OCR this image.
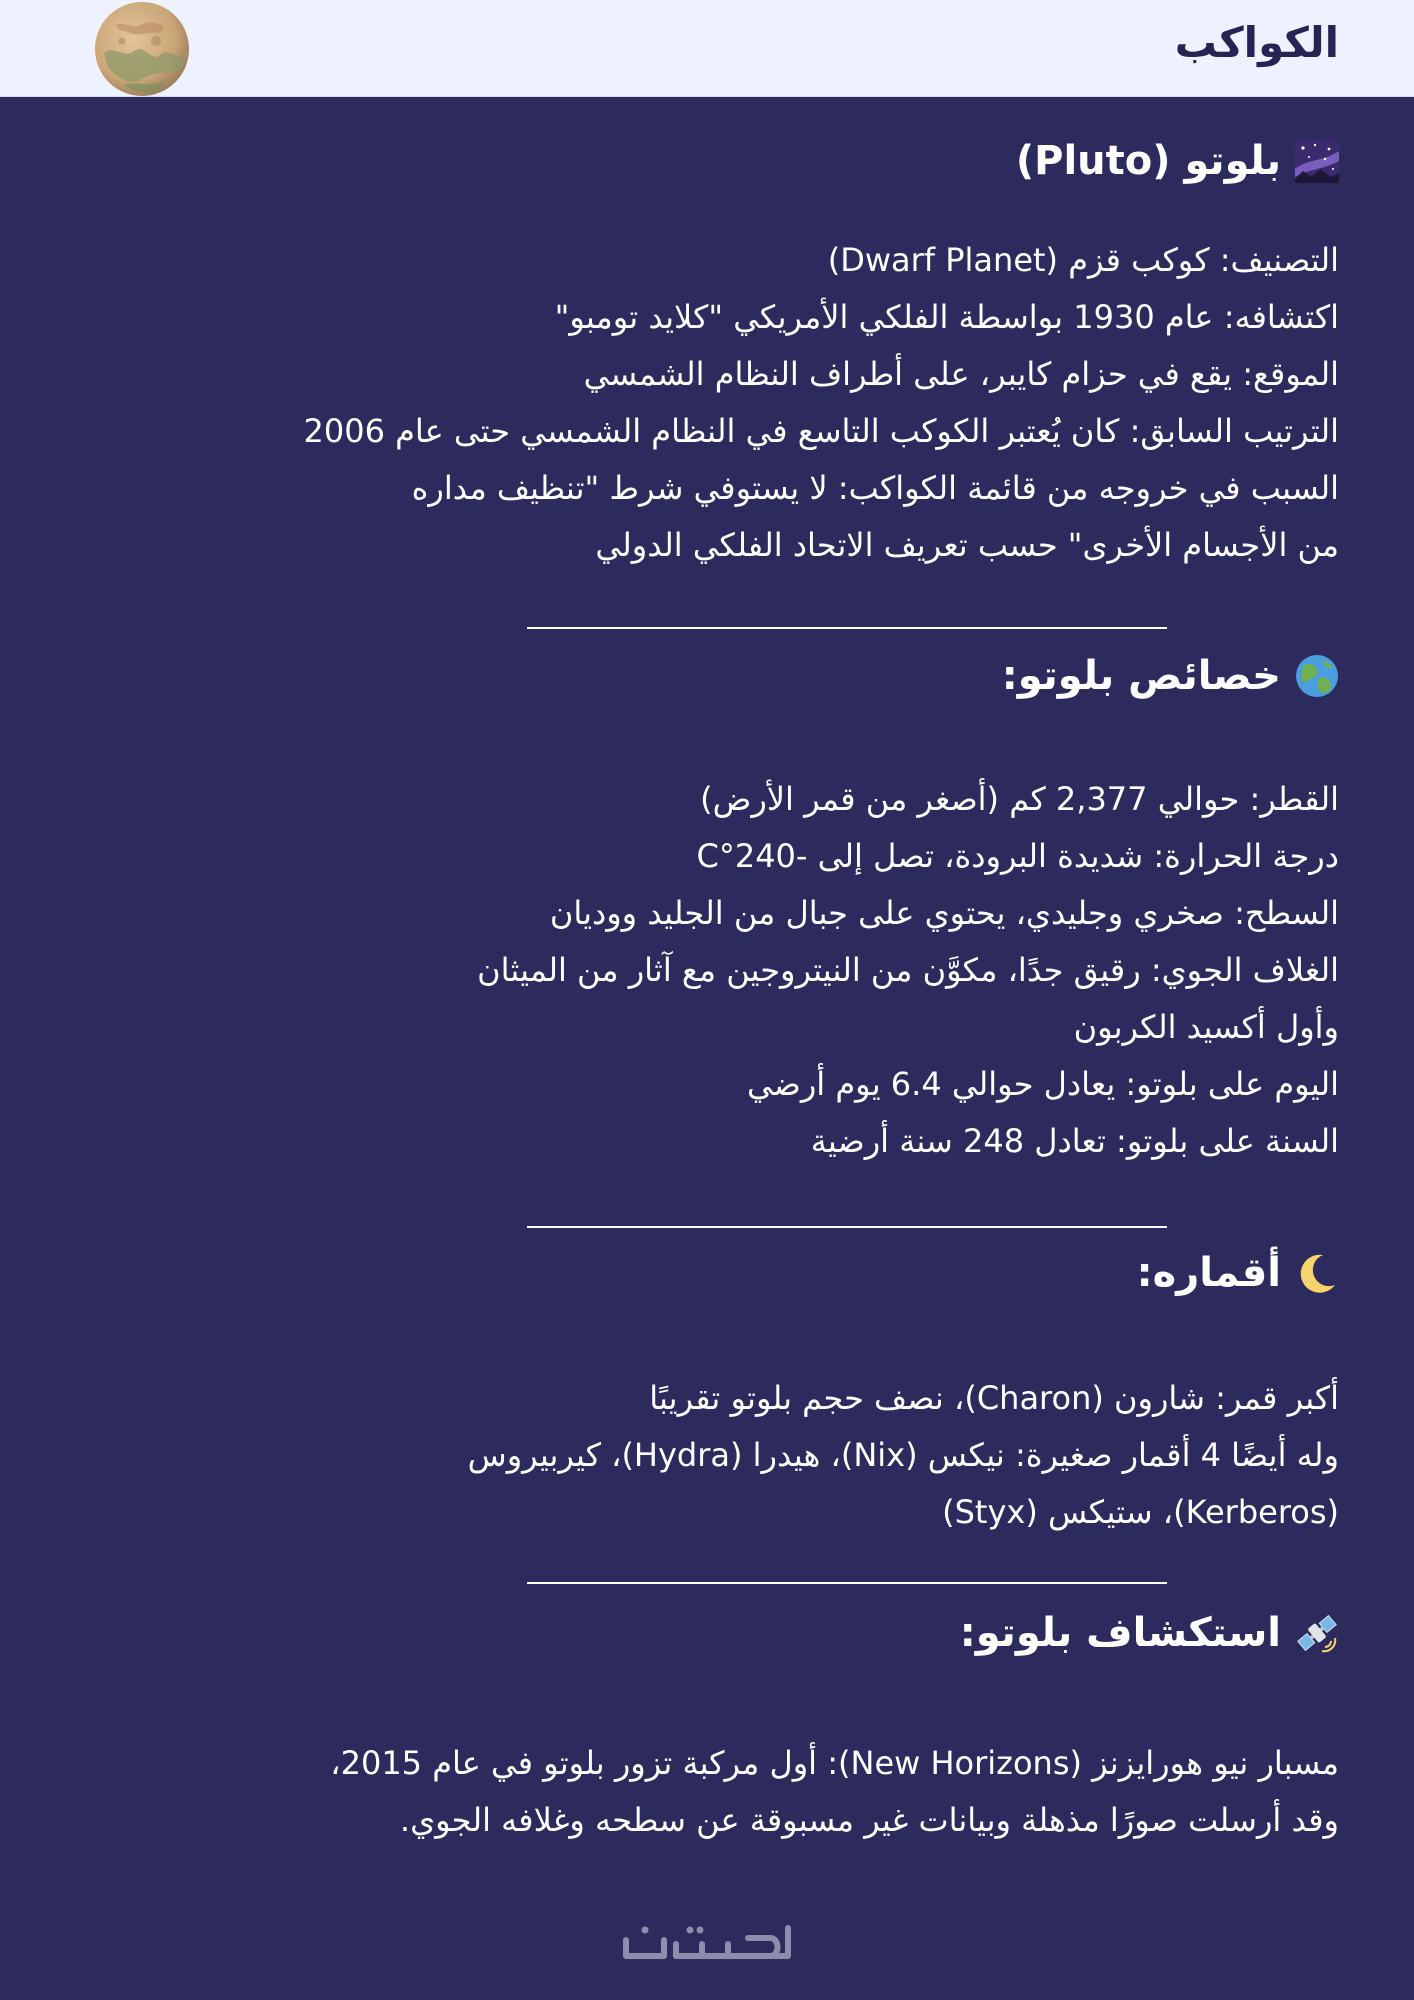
الكواكب
بلوتو (Pluto)

التصنيف: كوكب قزم (Dwarf Planet)

اكتشافه: عام 1930 بواسطة الفلكي الأمريكي "كلايد تومبو"

الموقع: يقع في حزام كايبر، على أطراف النظام الشمسي

الترتيب السابق: كان يُعتبر الكوكب التاسع في النظام الشمسي حتى عام 2006

السبب في خروجه من قائمة الكواكب: لا يستوفي شرط "تنظيف مداره

من الأجسام الأخرى" حسب تعريف الاتحاد الفلكي الدولي

خصائص بلوتو:

القطر: حوالي 2,377 كم (أصغر من قمر الأرض)

درجة الحرارة: شديدة البرودة، تصل إلى -240°C

السطح: صخري وجليدي، يحتوي على جبال من الجليد ووديان

الغلاف الجوي: رقيق جدًا، مكوَّن من النيتروجين مع آثار من الميثان

وأول أكسيد الكربون

اليوم على بلوتو: يعادل حوالي 6.4 يوم أرضي

السنة على بلوتو: تعادل 248 سنة أرضية

أقماره:

أكبر قمر: شارون (Charon)، نصف حجم بلوتو تقريبًا

وله أيضًا 4 أقمار صغيرة: نيكس (Nix)، هيدرا (Hydra)، كيربيروس

(Kerberos)، ستيكس (Styx)

استكشاف بلوتو:

مسبار نيو هورايزنز (New Horizons): أول مركبة تزور بلوتو في عام 2015،

وقد أرسلت صورًا مذهلة وبيانات غير مسبوقة عن سطحه وغلافه الجوي.
